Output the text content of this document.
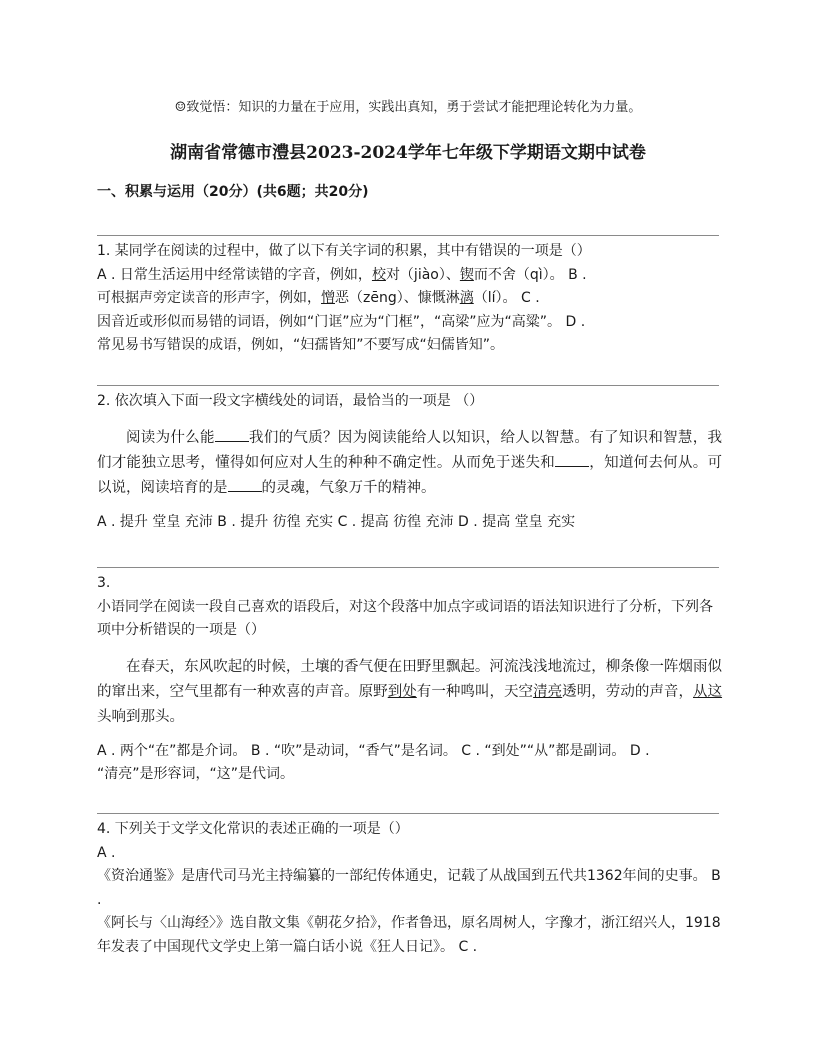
☺致觉悟：知识的力量在于应用，实践出真知，勇于尝试才能把理论转化为力量。
湖南省常德市澧县2023-2024学年七年级下学期语文期中试卷
一、积累与运用（20分）(共6题；共20分)

1. 某同学在阅读的过程中，做了以下有关字词的积累，其中有错误的一项是（）

A . 日常生活运用中经常读错的字音，例如，校对（jiào）、锲而不舍（qì）。 B .

可根据声旁定读音的形声字，例如，憎恶（zēng）、慷慨淋漓（lí）。 C .

因音近或形似而易错的词语，例如“门诓”应为“门框”，“高梁”应为“高粱”。 D .

常见易书写错误的成语，例如，“妇孺皆知”不要写成“妇儒皆知”。

2. 依次填入下面一段文字横线处的词语，最恰当的一项是 （）

阅读为什么能 我们的气质？因为阅读能给人以知识，给人以智慧。有了知识和智慧，我们才能独立思考，懂得如何应对人生的种种不确定性。从而免于迷失和 ，知道何去何从。可以说，阅读培育的是 的灵魂，气象万千的精神。

A . 提升 堂皇 充沛 B . 提升 彷徨 充实 C . 提高 彷徨 充沛 D . 提高 堂皇 充实

3.

小语同学在阅读一段自己喜欢的语段后，对这个段落中加点字或词语的语法知识进行了分析，下列各项中分析错误的一项是（）

在春天，东风吹起的时候，土壤的香气便在田野里飘起。河流浅浅地流过，柳条像一阵烟雨似的窜出来，空气里都有一种欢喜的声音。原野到处有一种鸣叫，天空清亮透明，劳动的声音，从这头响到那头。

A . 两个“在”都是介词。 B . “吹”是动词，“香气”是名词。 C . “到处”“从”都是副词。 D .

“清亮”是形容词，“这”是代词。

4. 下列关于文学文化常识的表述正确的一项是（）

A .

《资治通鉴》是唐代司马光主持编纂的一部纪传体通史，记载了从战国到五代共1362年间的史事。 B .

《阿长与〈山海经〉》选自散文集《朝花夕拾》，作者鲁迅，原名周树人，字豫才，浙江绍兴人，1918年发表了中国现代文学史上第一篇白话小说《狂人日记》。 C .
